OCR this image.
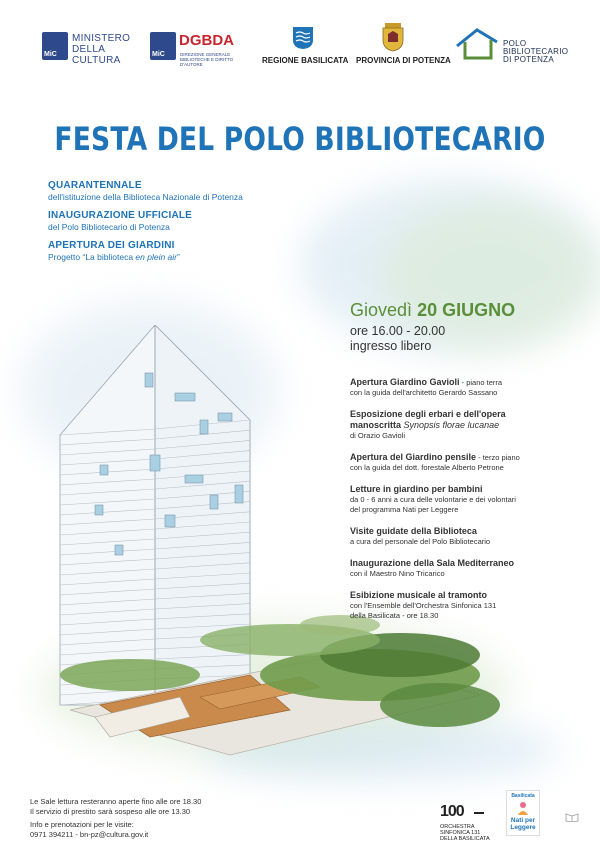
MiC
MINISTERO
DELLA
CULTURA
MiC
DGBDA
DIREZIONE GENERALE
BIBLIOTECHE E DIRITTO D'AUTORE	REGIONE BASILICATA PROVINCIA DI POTENZA
POLO
BIBLIOTECARIO
DI POTENZA
FESTA DEL POLO BIBLIOTECARIO
QUARANTENNALE
dell'istituzione della Biblioteca Nazionale di Potenza
INAUGURAZIONE UFFICIALE
del Polo Bibliotecario di Potenza
APERTURA DEI GIARDINI
Progetto “La biblioteca en plein air”
Giovedì 20 GIUGNO
ore 16.00 - 20.00
ingresso libero
Apertura Giardino Gavioli - piano terra
con la guida dell'architetto Gerardo Sassano
Esposizione degli erbari e dell'opera
manoscritta Synopsis florae lucanae
di Orazio Gavioli
Apertura del Giardino pensile - terzo piano
con la guida del dott. forestale Alberto Petrone
Letture in giardino per bambini
da 0 - 6 anni a cura delle volontarie e dei volontari
del programma Nati per Leggere
Visite guidate della Biblioteca
a cura del personale del Polo Bibliotecario
Inaugurazione della Sala Mediterraneo
con il Maestro Nino Tricarico
Esibizione musicale al tramonto
con l'Ensemble dell'Orchestra Sinfonica 131
della Basilicata - ore 18.30

Le Sale lettura resteranno aperte fino alle ore 18.30

Il servizio di prestito sarà sospeso alle ore 13.30

Info e prenotazioni per le visite:

0971 394211 - bn-pz@cultura.gov.it

100
ORCHESTRA
SINFONICA 131
DELLA BASILICATA
Basilicata
Nati per
Leggere
